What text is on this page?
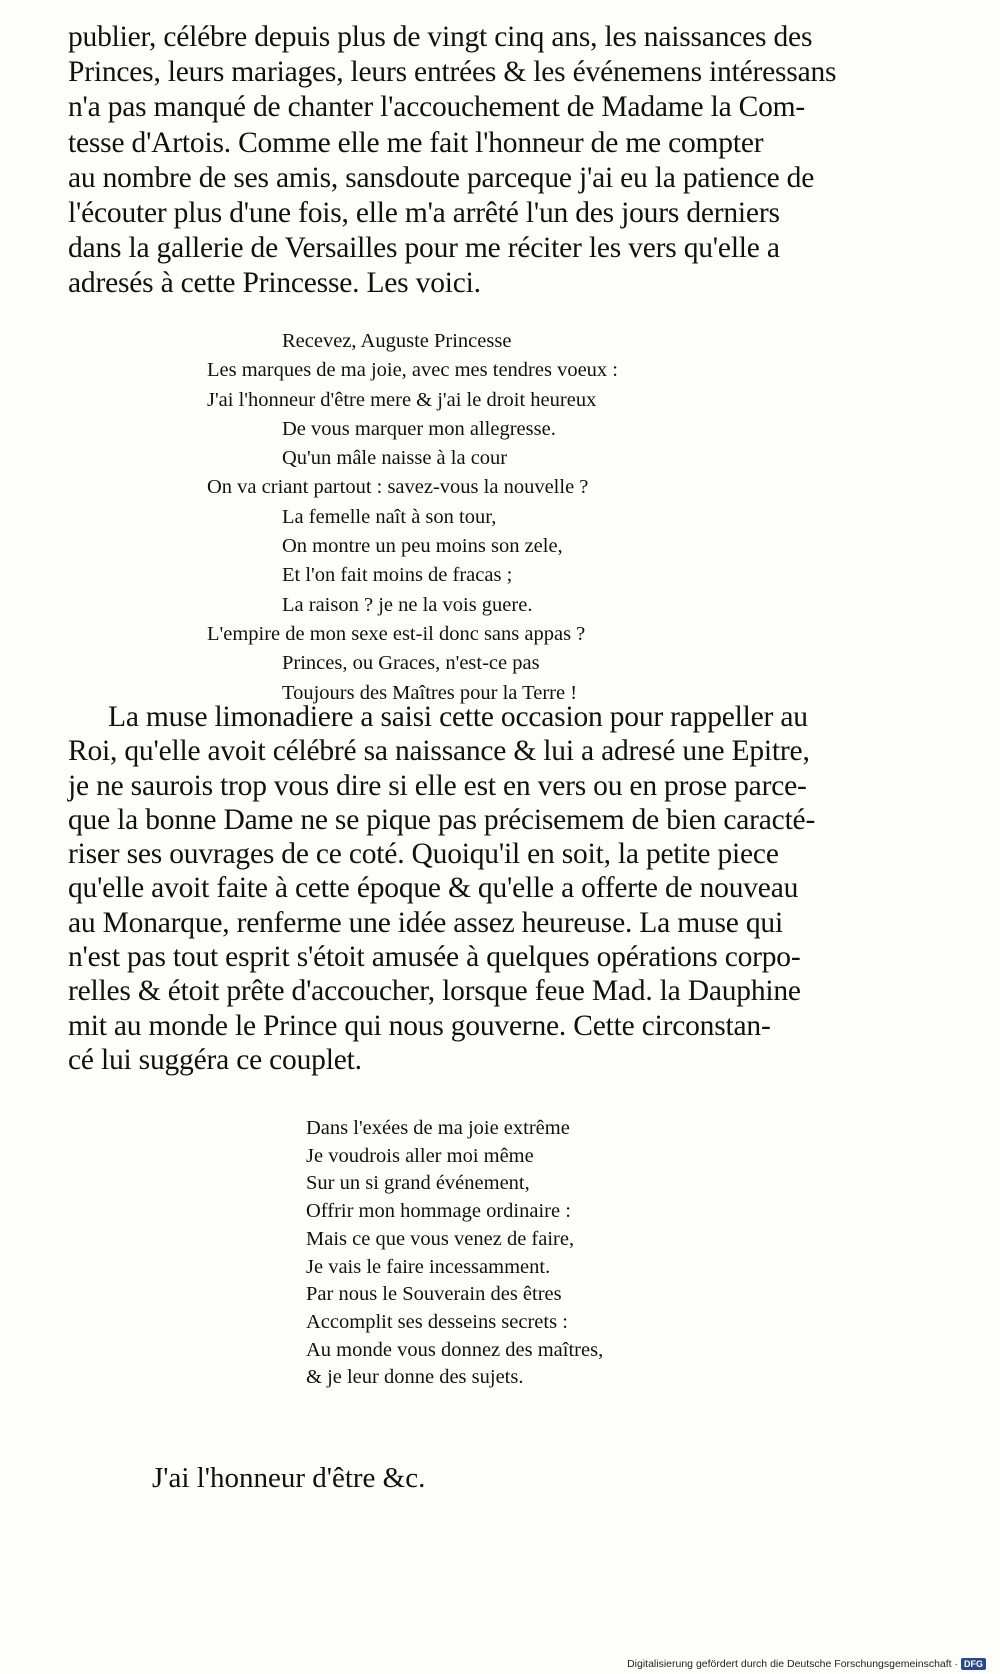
publier, célébre depuis plus de vingt cinq ans, les naissances des
Princes, leurs mariages, leurs entrées & les événemens intéressans
n'a pas manqué de chanter l'accouchement de Madame la Com-
tesse d'Artois. Comme elle me fait l'honneur de me compter
au nombre de ses amis, sansdoute parceque j'ai eu la patience de
l'écouter plus d'une fois, elle m'a arrêté l'un des jours derniers
dans la gallerie de Versailles pour me réciter les vers qu'elle a
adresés à cette Princesse. Les voici.
Recevez, Auguste Princesse
Les marques de ma joie, avec mes tendres voeux :
J'ai l'honneur d'être mere & j'ai le droit heureux
De vous marquer mon allegresse.
Qu'un mâle naisse à la cour
On va criant partout : savez-vous la nouvelle ?
La femelle naît à son tour,
On montre un peu moins son zele,
Et l'on fait moins de fracas ;
La raison ? je ne la vois guere.
L'empire de mon sexe est-il donc sans appas ?
Princes, ou Graces, n'est-ce pas
Toujours des Maîtres pour la Terre !
La muse limonadiere a saisi cette occasion pour rappeller au
Roi, qu'elle avoit célébré sa naissance & lui a adresé une Epitre,
je ne saurois trop vous dire si elle est en vers ou en prose parce-
que la bonne Dame ne se pique pas précisemem de bien caracté-
riser ses ouvrages de ce coté. Quoiqu'il en soit, la petite piece
qu'elle avoit faite à cette époque & qu'elle a offerte de nouveau
au Monarque, renferme une idée assez heureuse. La muse qui
n'est pas tout esprit s'étoit amusée à quelques opérations corpo-
relles & étoit prête d'accoucher, lorsque feue Mad. la Dauphine
mit au monde le Prince qui nous gouverne. Cette circonstan-
cé lui suggéra ce couplet.
Dans l'exées de ma joie extrême
Je voudrois aller moi même
Sur un si grand événement,
Offrir mon hommage ordinaire :
Mais ce que vous venez de faire,
Je vais le faire incessamment.
Par nous le Souverain des êtres
Accomplit ses desseins secrets :
Au monde vous donnez des maîtres,
& je leur donne des sujets.

J'ai l'honneur d'être &c.

Digitalisierung gefördert durch die Deutsche Forschungsgemeinschaft · DFG
